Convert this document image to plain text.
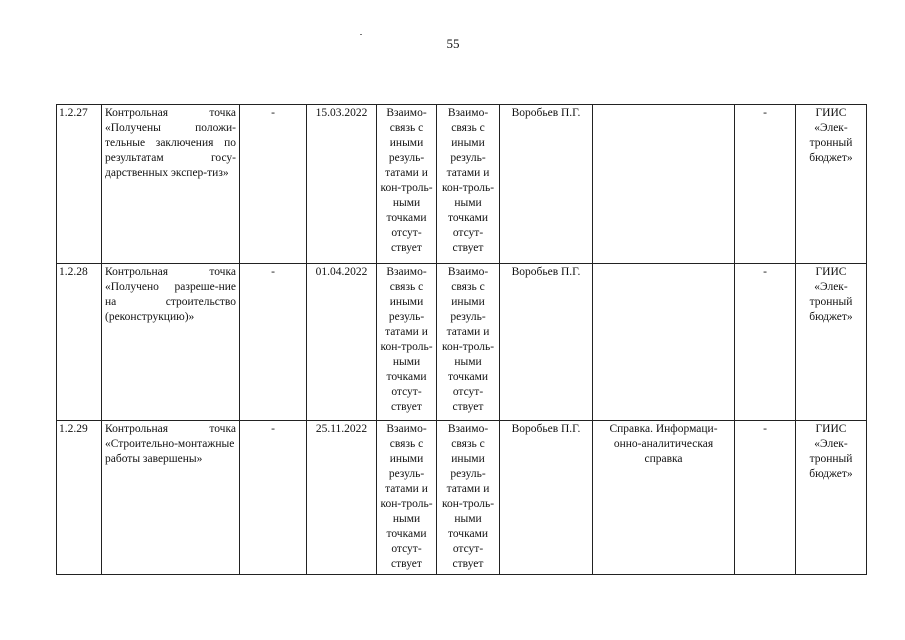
55
1.2.27	Контрольная точка «Получены положи-тельные заключения по результатам госу-дарственных экспер-тиз»	-	15.03.2022	Взаимо-связь с иными резуль-татами и кон-троль-ными точками отсут-ствует	Взаимо-связь с иными резуль-татами и кон-троль-ными точками отсут-ствует	Воробьев П.Г.		-	ГИИС «Элек-тронный бюджет»

1.2.28	Контрольная точка «Получено разреше-ние на строительство (реконструкцию)»	-	01.04.2022	Взаимо-связь с иными резуль-татами и кон-троль-ными точками отсут-ствует	Взаимо-связь с иными резуль-татами и кон-троль-ными точками отсут-ствует	Воробьев П.Г.		-	ГИИС «Элек-тронный бюджет»

1.2.29	Контрольная точка «Строительно-монтажные работы завершены»	-	25.11.2022	Взаимо-связь с иными резуль-татами и кон-троль-ными точками отсут-ствует	Взаимо-связь с иными резуль-татами и кон-троль-ными точками отсут-ствует	Воробьев П.Г.	Справка. Информаци-онно-аналитическая справка	-	ГИИС «Элек-тронный бюджет»
